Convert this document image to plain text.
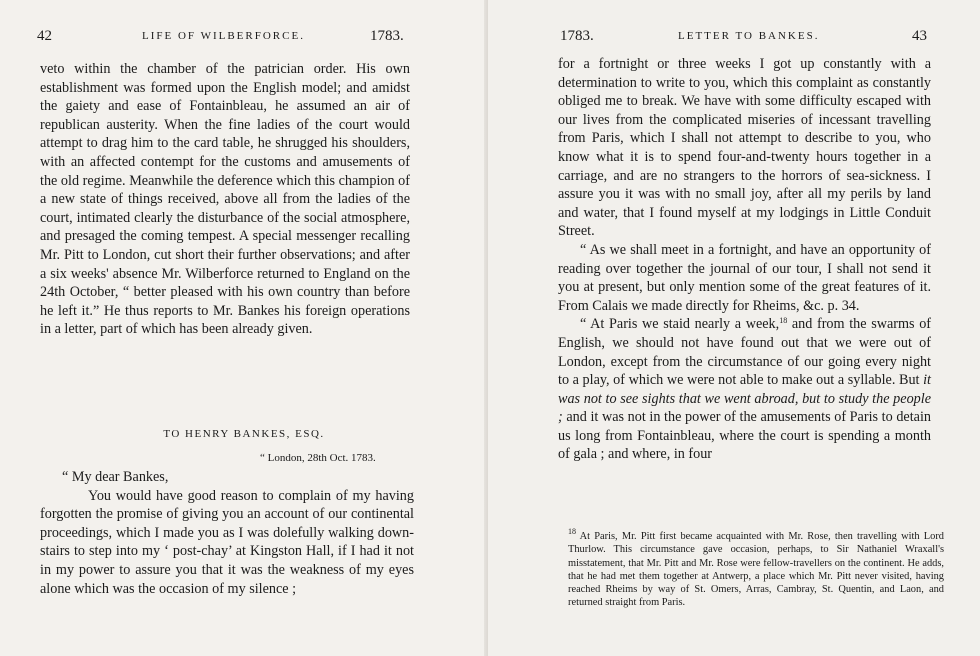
42	LIFE OF WILBERFORCE.	1783.

veto within the chamber of the patrician order. His own establishment was formed upon the English model; and amidst the gaiety and ease of Fontainbleau, he assumed an air of republican austerity. When the fine ladies of the court would attempt to drag him to the card table, he shrugged his shoulders, with an affected contempt for the customs and amusements of the old regime. Meanwhile the deference which this champion of a new state of things received, above all from the ladies of the court, intimated clearly the disturbance of the social atmosphere, and presaged the coming tempest. A special messenger recalling Mr. Pitt to London, cut short their further observations; and after a six weeks' absence Mr. Wilberforce returned to England on the 24th October, “ better pleased with his own country than before he left it.” He thus reports to Mr. Bankes his foreign operations in a letter, part of which has been already given.

TO HENRY BANKES, ESQ.
“ London, 28th Oct. 1783.

“ My dear Bankes,

You would have good reason to complain of my having forgotten the promise of giving you an account of our continental proceedings, which I made you as I was dolefully walking down-stairs to step into my ‘ post-chay’ at Kingston Hall, if I had it not in my power to assure you that it was the weakness of my eyes alone which was the occasion of my silence ;

1783.	LETTER TO BANKES.	43

for a fortnight or three weeks I got up constantly with a determination to write to you, which this complaint as constantly obliged me to break. We have with some difficulty escaped with our lives from the complicated miseries of incessant travelling from Paris, which I shall not attempt to describe to you, who know what it is to spend four-and-twenty hours together in a carriage, and are no strangers to the horrors of sea-sickness. I assure you it was with no small joy, after all my perils by land and water, that I found myself at my lodgings in Little Conduit Street.

“ As we shall meet in a fortnight, and have an opportunity of reading over together the journal of our tour, I shall not send it you at present, but only mention some of the great features of it. From Calais we made directly for Rheims, &c. p. 34.

“ At Paris we staid nearly a week,$^{18}$ and from the swarms of English, we should not have found out that we were out of London, except from the circumstance of our going every night to a play, of which we were not able to make out a syllable. But it was not to see sights that we went abroad, but to study the people ; and it was not in the power of the amusements of Paris to detain us long from Fontainbleau, where the court is spending a month of gala ; and where, in four

$^{18}$ At Paris, Mr. Pitt first became acquainted with Mr. Rose, then travelling with Lord Thurlow. This circumstance gave occasion, perhaps, to Sir Nathaniel Wraxall's misstatement, that Mr. Pitt and Mr. Rose were fellow-travellers on the continent. He adds, that he had met them together at Antwerp, a place which Mr. Pitt never visited, having reached Rheims by way of St. Omers, Arras, Cambray, St. Quentin, and Laon, and returned straight from Paris.
